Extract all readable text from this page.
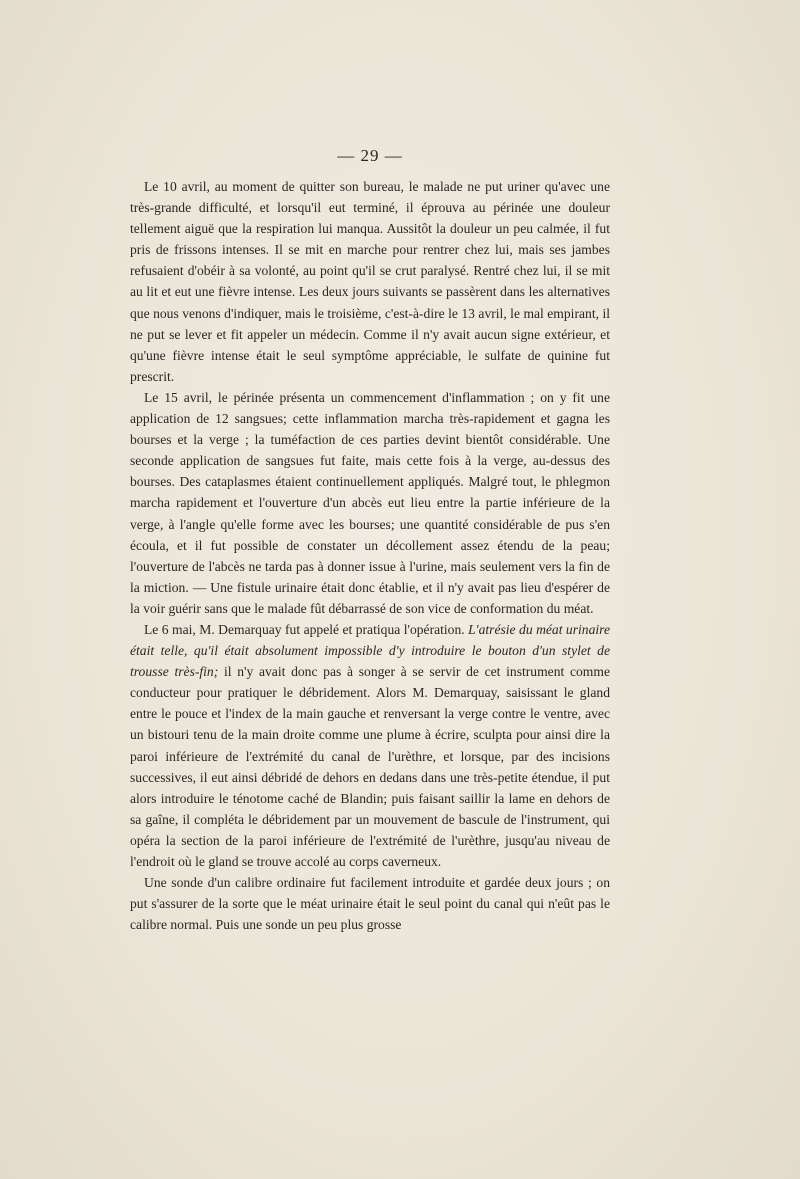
— 29 —

Le 10 avril, au moment de quitter son bureau, le malade ne put uriner qu'avec une très-grande difficulté, et lorsqu'il eut terminé, il éprouva au périnée une douleur tellement aiguë que la respiration lui manqua. Aussitôt la douleur un peu calmée, il fut pris de frissons intenses. Il se mit en marche pour rentrer chez lui, mais ses jambes refusaient d'obéir à sa volonté, au point qu'il se crut paralysé. Rentré chez lui, il se mit au lit et eut une fièvre intense. Les deux jours suivants se passèrent dans les alternatives que nous venons d'indiquer, mais le troisième, c'est-à-dire le 13 avril, le mal empirant, il ne put se lever et fit appeler un médecin. Comme il n'y avait aucun signe extérieur, et qu'une fièvre intense était le seul symptôme appréciable, le sulfate de quinine fut prescrit.

Le 15 avril, le périnée présenta un commencement d'inflammation ; on y fit une application de 12 sangsues; cette inflammation marcha très-rapidement et gagna les bourses et la verge ; la tuméfaction de ces parties devint bientôt considérable. Une seconde application de sangsues fut faite, mais cette fois à la verge, au-dessus des bourses. Des cataplasmes étaient continuellement appliqués. Malgré tout, le phlegmon marcha rapidement et l'ouverture d'un abcès eut lieu entre la partie inférieure de la verge, à l'angle qu'elle forme avec les bourses; une quantité considérable de pus s'en écoula, et il fut possible de constater un décollement assez étendu de la peau; l'ouverture de l'abcès ne tarda pas à donner issue à l'urine, mais seulement vers la fin de la miction. — Une fistule urinaire était donc établie, et il n'y avait pas lieu d'espérer de la voir guérir sans que le malade fût débarrassé de son vice de conformation du méat.

Le 6 mai, M. Demarquay fut appelé et pratiqua l'opération. L'atrésie du méat urinaire était telle, qu'il était absolument impossible d'y introduire le bouton d'un stylet de trousse très-fin; il n'y avait donc pas à songer à se servir de cet instrument comme conducteur pour pratiquer le débridement. Alors M. Demarquay, saisissant le gland entre le pouce et l'index de la main gauche et renversant la verge contre le ventre, avec un bistouri tenu de la main droite comme une plume à écrire, sculpta pour ainsi dire la paroi inférieure de l'extrémité du canal de l'urèthre, et lorsque, par des incisions successives, il eut ainsi débridé de dehors en dedans dans une très-petite étendue, il put alors introduire le ténotome caché de Blandin; puis faisant saillir la lame en dehors de sa gaîne, il compléta le débridement par un mouvement de bascule de l'instrument, qui opéra la section de la paroi inférieure de l'extrémité de l'urèthre, jusqu'au niveau de l'endroit où le gland se trouve accolé au corps caverneux.

Une sonde d'un calibre ordinaire fut facilement introduite et gardée deux jours ; on put s'assurer de la sorte que le méat urinaire était le seul point du canal qui n'eût pas le calibre normal. Puis une sonde un peu plus grosse
